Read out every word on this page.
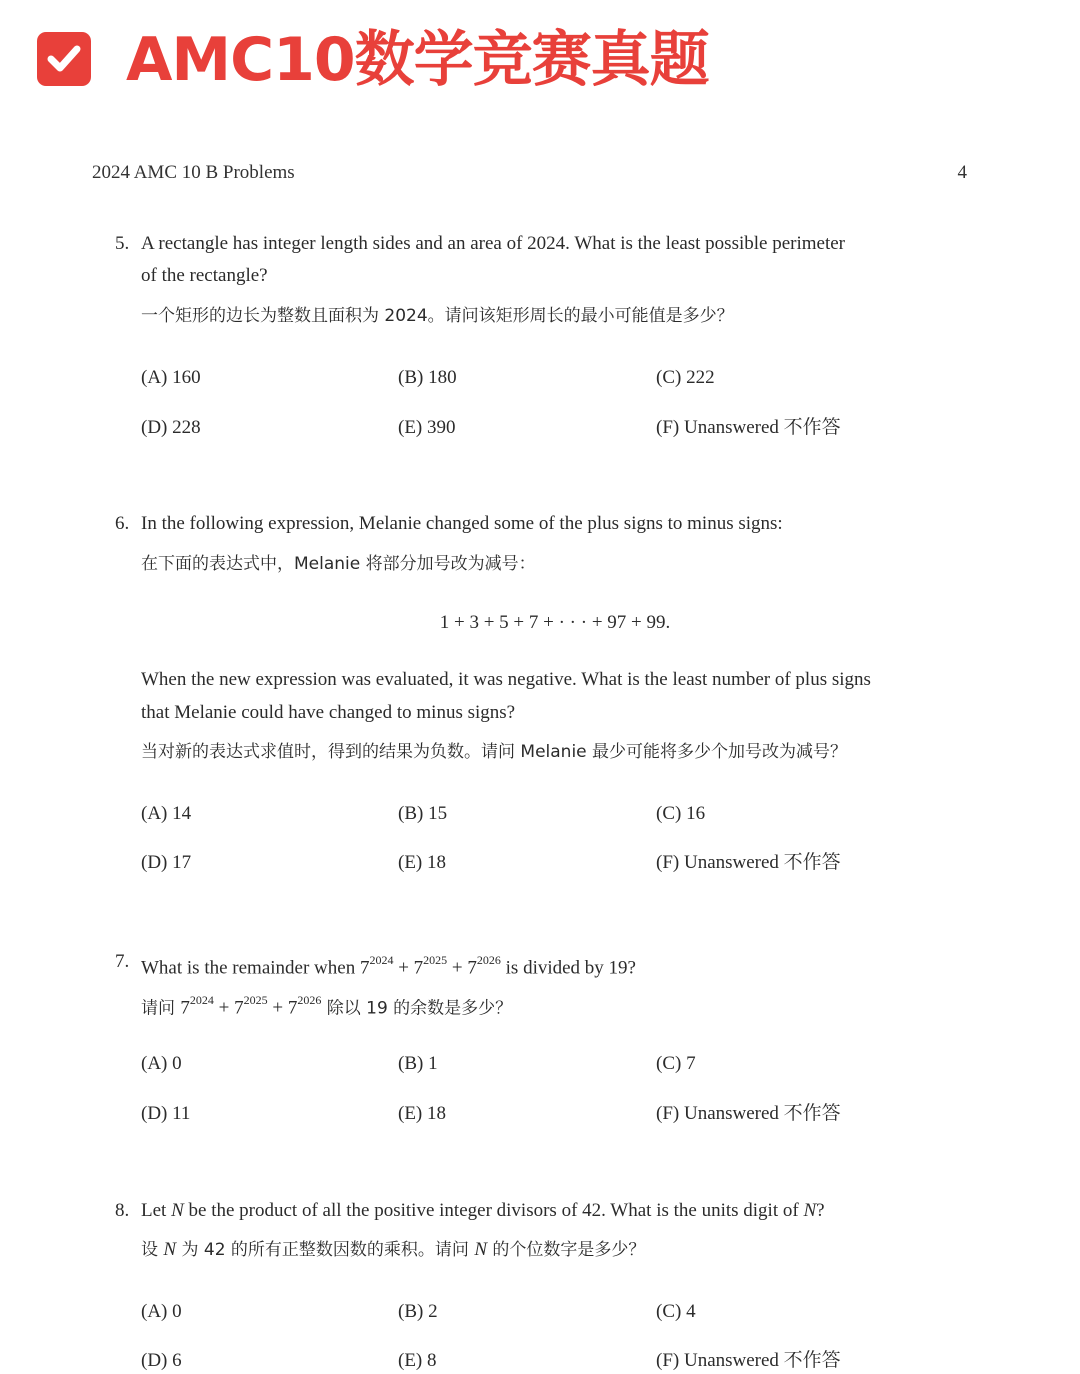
AMC10数学竞赛真题
2024 AMC 10 B Problems	4
5. A rectangle has integer length sides and an area of 2024. What is the least possible perimeter
of the rectangle?
一个矩形的边长为整数且面积为 2024。请问该矩形周长的最小可能值是多少？
(A) 160	(B) 180	(C) 222
(D) 228	(E) 390	(F) Unanswered 不作答
6. In the following expression, Melanie changed some of the plus signs to minus signs:
在下面的表达式中，Melanie 将部分加号改为减号：
1 + 3 + 5 + 7 + · · · + 97 + 99.
When the new expression was evaluated, it was negative. What is the least number of plus signs
that Melanie could have changed to minus signs?
当对新的表达式求值时，得到的结果为负数。请问 Melanie 最少可能将多少个加号改为减号？
(A) 14	(B) 15	(C) 16
(D) 17	(E) 18	(F) Unanswered 不作答
7. What is the remainder when $7^{2024} + 7^{2025} + 7^{2026}$ is divided by 19?
请问 $7^{2024} + 7^{2025} + 7^{2026}$ 除以 19 的余数是多少？
(A) 0	(B) 1	(C) 7
(D) 11	(E) 18	(F) Unanswered 不作答
8. Let N be the product of all the positive integer divisors of 42. What is the units digit of N?
设 N 为 42 的所有正整数因数的乘积。请问 N 的个位数字是多少？
(A) 0	(B) 2	(C) 4
(D) 6	(E) 8	(F) Unanswered 不作答
